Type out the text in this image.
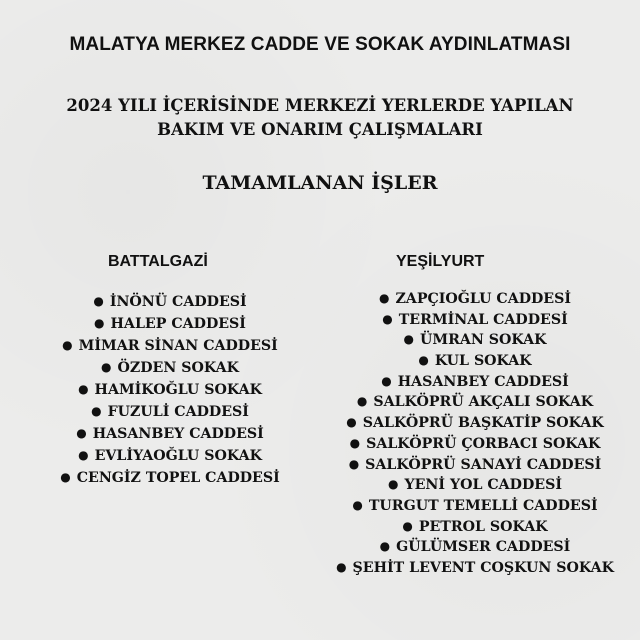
MALATYA MERKEZ CADDE VE SOKAK AYDINLATMASI
2024 YILI İÇERİSİNDE MERKEZİ YERLERDE YAPILAN
BAKIM VE ONARIM ÇALIŞMALARI
TAMAMLANAN İŞLER
BATTALGAZİ	YEŞİLYURT
● İNÖNÜ CADDESİ
● HALEP CADDESİ
● MİMAR SİNAN CADDESİ
● ÖZDEN SOKAK
● HAMİKOĞLU SOKAK
● FUZULİ CADDESİ
● HASANBEY CADDESİ
● EVLİYAOĞLU SOKAK
● CENGİZ TOPEL CADDESİ
● ZAPÇIOĞLU CADDESİ
● TERMİNAL CADDESİ
● ÜMRAN SOKAK
● KUL SOKAK
● HASANBEY CADDESİ
● SALKÖPRÜ AKÇALI SOKAK
● SALKÖPRÜ BAŞKATİP SOKAK
● SALKÖPRÜ ÇORBACI SOKAK
● SALKÖPRÜ SANAYİ CADDESİ
● YENİ YOL CADDESİ
● TURGUT TEMELLİ CADDESİ
● PETROL SOKAK
● GÜLÜMSER CADDESİ
● ŞEHİT LEVENT COŞKUN SOKAK
